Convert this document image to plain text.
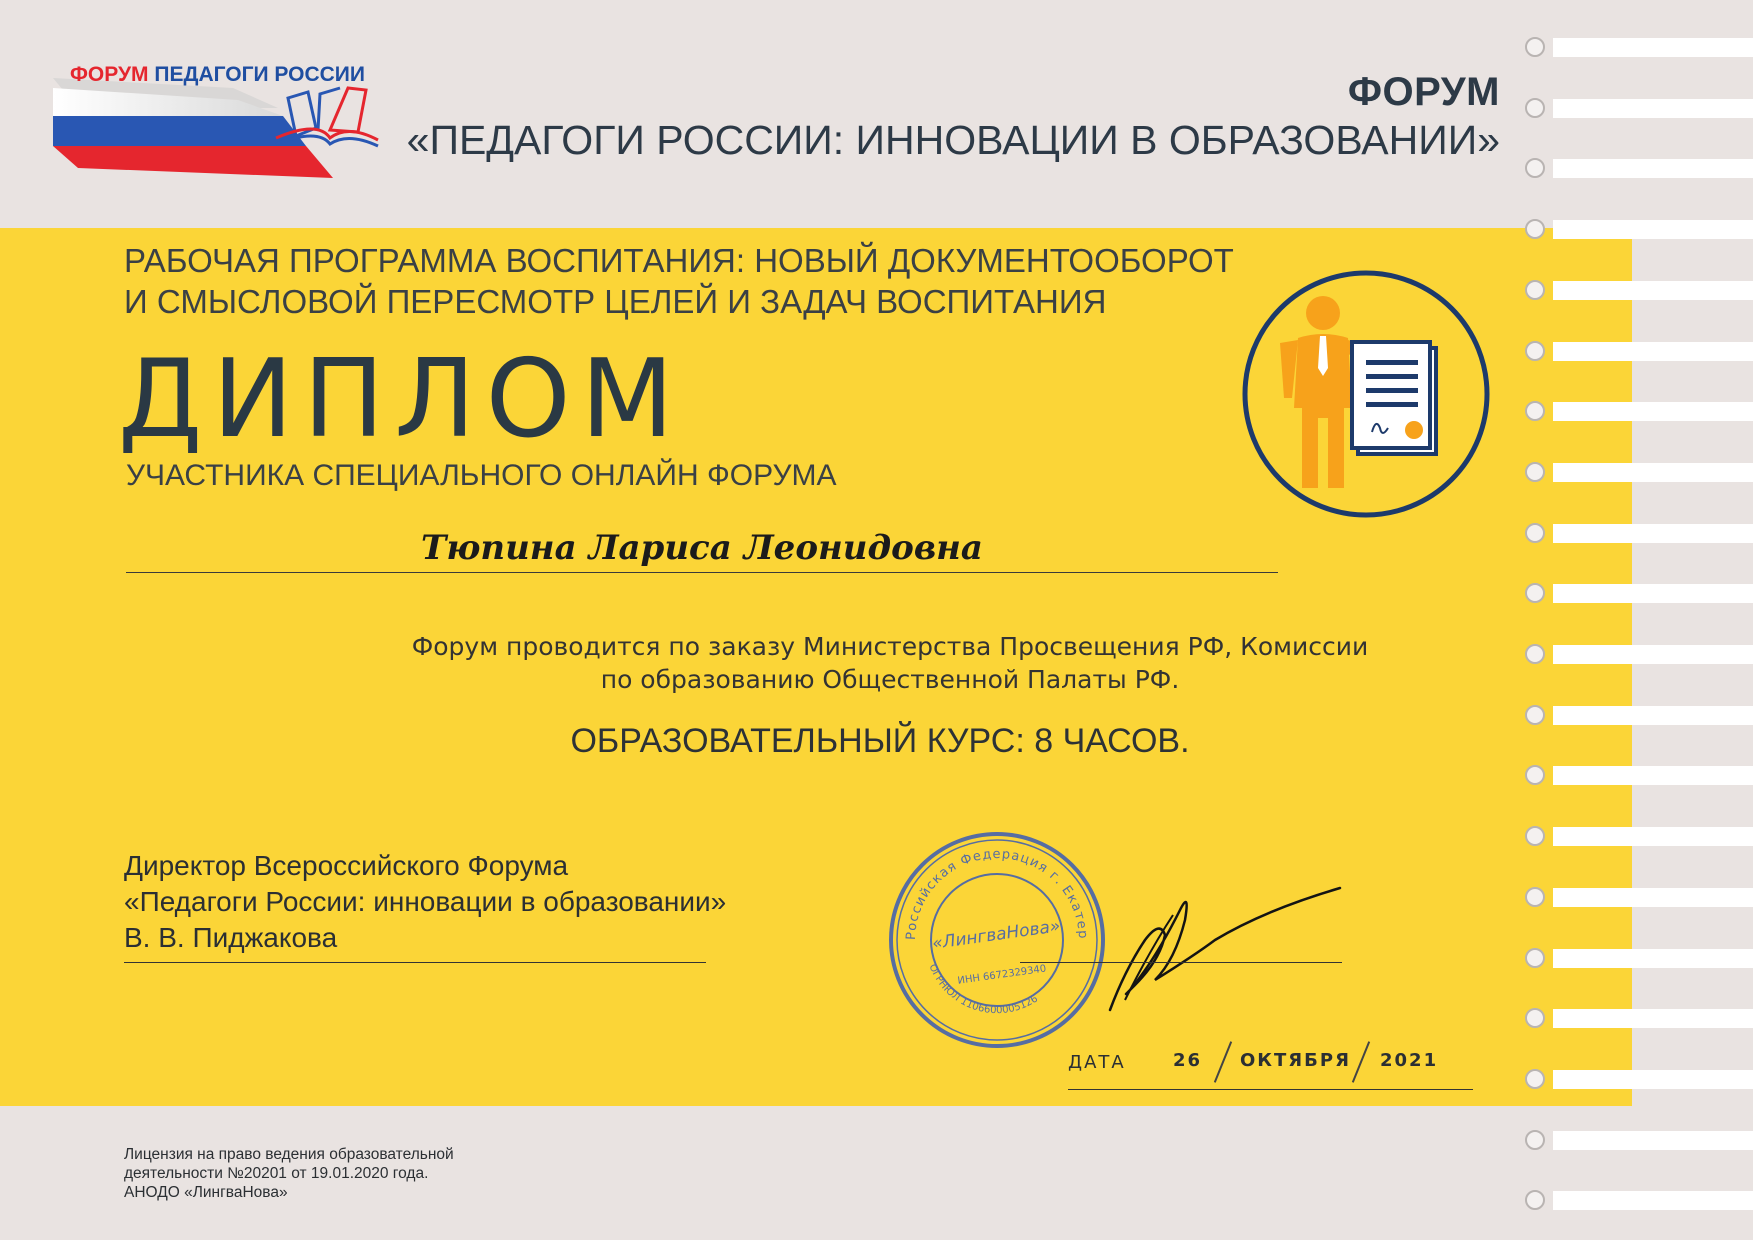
ФОРУМ ПЕДАГОГИ РОССИИ	ФОРУМ
«ПЕДАГОГИ РОССИИ: ИННОВАЦИИ В ОБРАЗОВАНИИ»
РАБОЧАЯ ПРОГРАММА ВОСПИТАНИЯ: НОВЫЙ ДОКУМЕНТООБОРОТ
И СМЫСЛОВОЙ ПЕРЕСМОТР ЦЕЛЕЙ И ЗАДАЧ ВОСПИТАНИЯ
ДИПЛОМ
УЧАСТНИКА СПЕЦИАЛЬНОГО ОНЛАЙН ФОРУМА
Тюпина Лариса Леонидовна
Форум проводится по заказу Министерства Просвещения РФ, Комиссии
по образованию Общественной Палаты РФ.
ОБРАЗОВАТЕЛЬНЫЙ КУРС: 8 ЧАСОВ.
Директор Всероссийского Форума
«Педагоги России: инновации в образовании»
В. В. Пиджакова	Российская Федерация г. Екатер
ОГРНЮЛ 1106600005126
«ЛингваНова»
ИНН 6672329340
ДАТА	26 ОКТЯБРЯ 2021
Лицензия на право ведения образовательной
деятельности №20201 от 19.01.2020 года.
АНОДО «ЛингваНова»
